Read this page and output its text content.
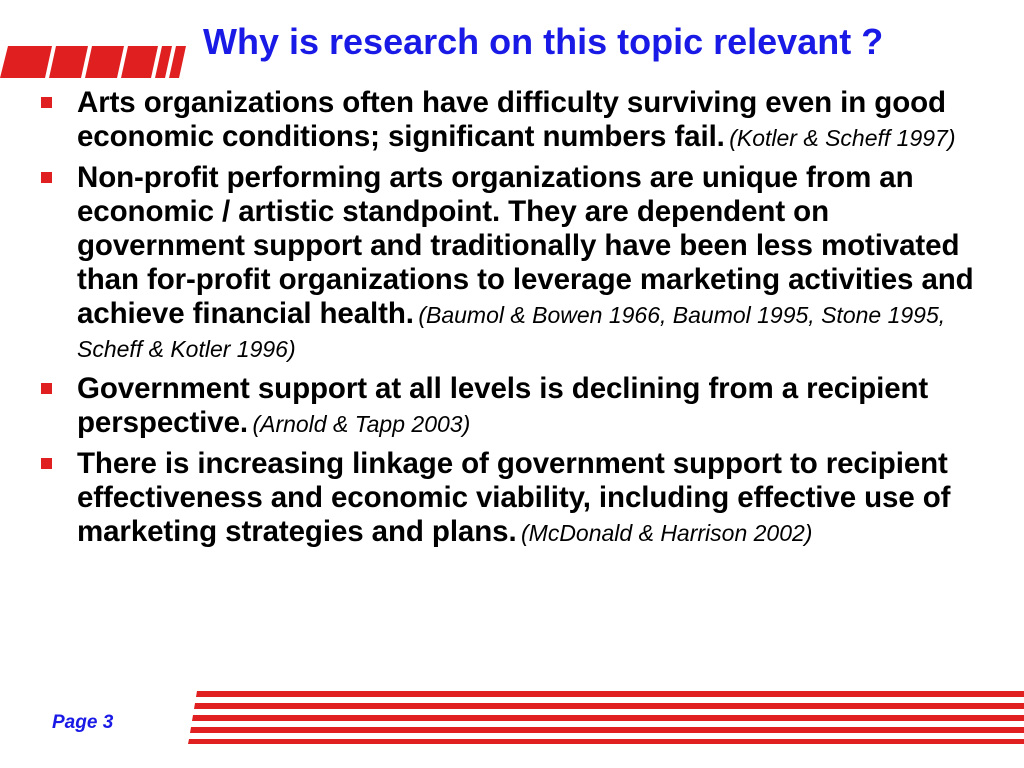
Why is research on this topic relevant ?
Arts organizations often have difficulty surviving even in good economic conditions; significant numbers fail. (Kotler & Scheff 1997)
Non-profit performing arts organizations are unique from an economic / artistic standpoint. They are dependent on government support and traditionally have been less motivated than for-profit organizations to leverage marketing activities and achieve financial health. (Baumol & Bowen 1966, Baumol 1995, Stone 1995, Scheff & Kotler 1996)
Government support at all levels is declining from a recipient perspective. (Arnold & Tapp 2003)
There is increasing linkage of government support to recipient effectiveness and economic viability, including effective use of marketing strategies and plans. (McDonald & Harrison 2002)
Page 3
